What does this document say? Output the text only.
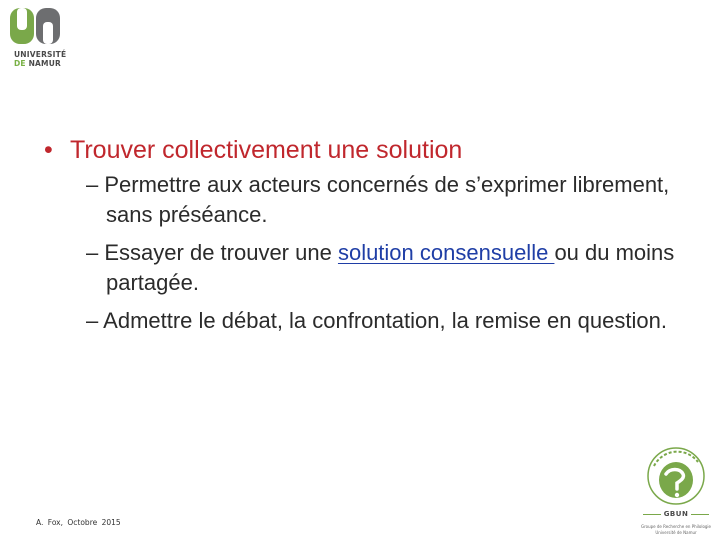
UNIVERSITÉ
DE NAMUR
• Trouver collectivement une solution
– Permettre aux acteurs concernés de s’exprimer librement, sans préséance.
– Essayer de trouver une solution consensuelle ou du moins partagée.
– Admettre le débat, la confrontation, la remise en question.
A. Fox, Octobre 2015
GBUN
Groupe de Recherche en Philologie
Université de Namur
